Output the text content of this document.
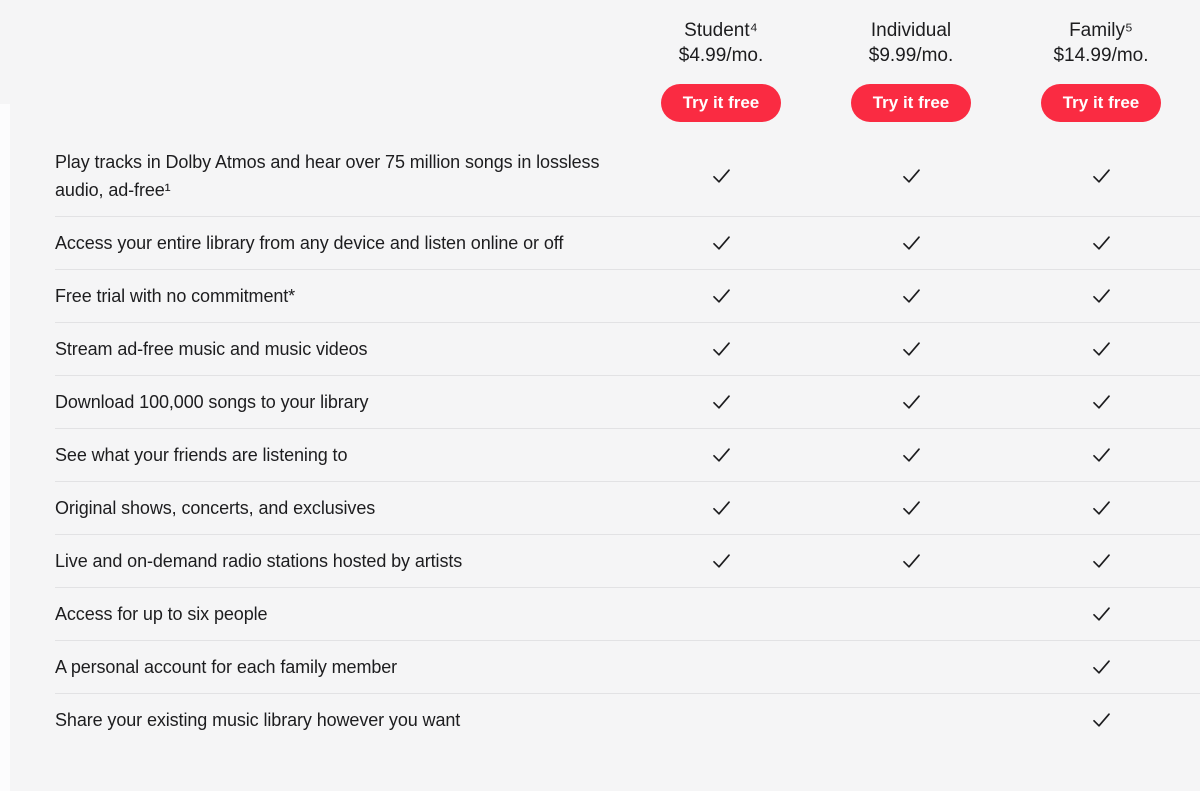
Student⁴
$4.99/mo.
Try it free
Individual
$9.99/mo.
Try it free
Family⁵
$14.99/mo.
Try it free
Play tracks in Dolby Atmos and hear over 75 million songs in lossless audio, ad-free¹
Access your entire library from any device and listen online or off
Free trial with no commitment*
Stream ad-free music and music videos
Download 100,000 songs to your library
See what your friends are listening to
Original shows, concerts, and exclusives
Live and on-demand radio stations hosted by artists
Access for up to six people
A personal account for each family member
Share your existing music library however you want
